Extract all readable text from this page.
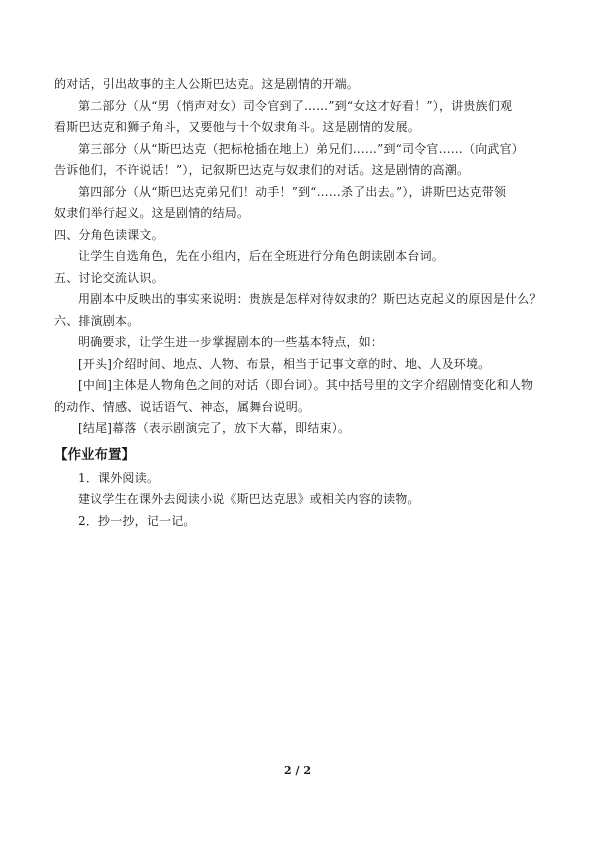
的对话，引出故事的主人公斯巴达克。这是剧情的开端。
第二部分（从“男（悄声对女）司令官到了……”到“女这才好看！”），讲贵族们观
看斯巴达克和狮子角斗，又要他与十个奴隶角斗。这是剧情的发展。
第三部分（从“斯巴达克（把标枪插在地上）弟兄们……”到“司令官……（向武官）
告诉他们，不许说话！”），记叙斯巴达克与奴隶们的对话。这是剧情的高潮。
第四部分（从“斯巴达克弟兄们！动手！”到“……杀了出去。”），讲斯巴达克带领
奴隶们举行起义。这是剧情的结局。
四、分角色读课文。
让学生自选角色，先在小组内，后在全班进行分角色朗读剧本台词。
五、讨论交流认识。
用剧本中反映出的事实来说明：贵族是怎样对待奴隶的？斯巴达克起义的原因是什么？
六、排演剧本。
明确要求，让学生进一步掌握剧本的一些基本特点，如：
[开头]介绍时间、地点、人物、布景，相当于记事文章的时、地、人及环境。
[中间]主体是人物角色之间的对话（即台词）。其中括号里的文字介绍剧情变化和人物
的动作、情感、说话语气、神态，属舞台说明。
[结尾]幕落（表示剧演完了，放下大幕，即结束）。
【作业布置】
1．课外阅读。
建议学生在课外去阅读小说《斯巴达克思》或相关内容的读物。
2．抄一抄，记一记。
2 / 2
